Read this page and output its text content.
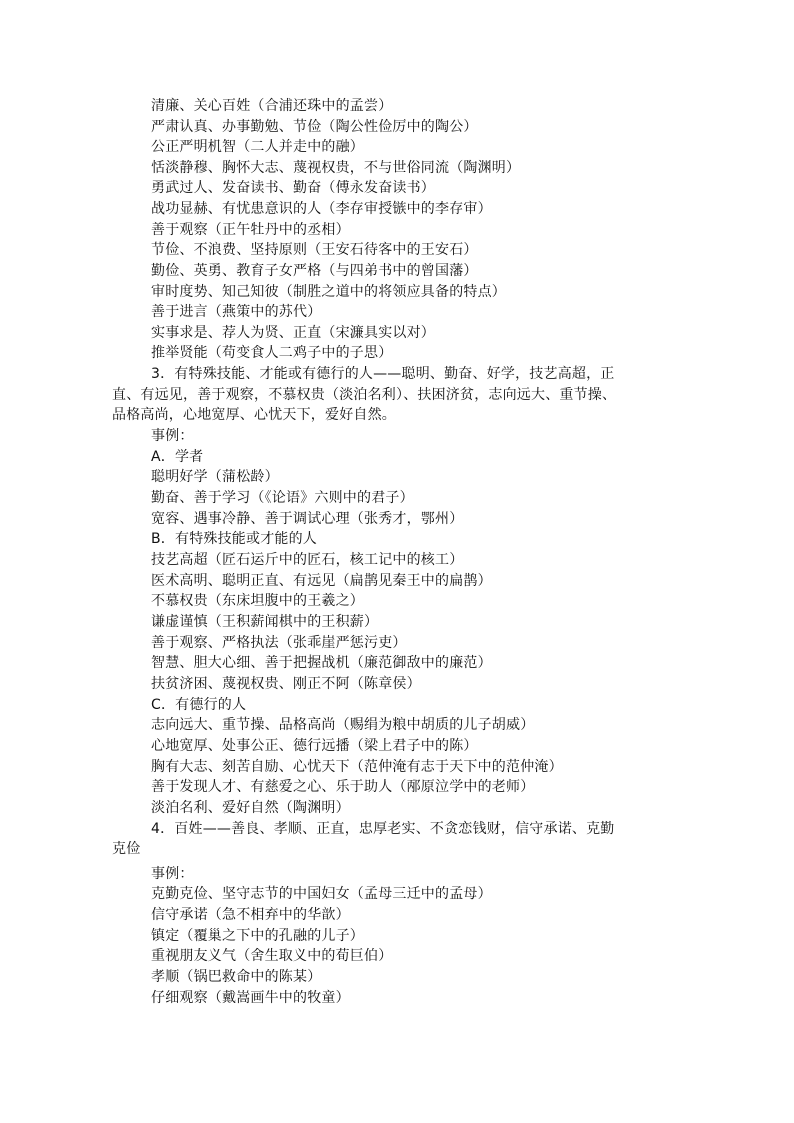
清廉、关心百姓（合浦还珠中的孟尝）
严肃认真、办事勤勉、节俭（陶公性俭厉中的陶公）
公正严明机智（二人并走中的融）
恬淡静穆、胸怀大志、蔑视权贵，不与世俗同流（陶渊明）
勇武过人、发奋读书、勤奋（傅永发奋读书）
战功显赫、有忧患意识的人（李存审授镞中的李存审）
善于观察（正午牡丹中的丞相）
节俭、不浪费、坚持原则（王安石待客中的王安石）
勤俭、英勇、教育子女严格（与四弟书中的曾国藩）
审时度势、知己知彼（制胜之道中的将领应具备的特点）
善于进言（燕策中的苏代）
实事求是、荐人为贤、正直（宋濂具实以对）
推举贤能（苟变食人二鸡子中的子思）
3．有特殊技能、才能或有德行的人——聪明、勤奋、好学，技艺高超，正
直、有远见，善于观察，不慕权贵（淡泊名利）、扶困济贫，志向远大、重节操、
品格高尚，心地宽厚、心忧天下，爱好自然。
事例：
A．学者
聪明好学（蒲松龄）
勤奋、善于学习（《论语》六则中的君子）
宽容、遇事冷静、善于调试心理（张秀才，鄂州）
B．有特殊技能或才能的人
技艺高超（匠石运斤中的匠石，核工记中的核工）
医术高明、聪明正直、有远见（扁鹊见秦王中的扁鹊）
不慕权贵（东床坦腹中的王羲之）
谦虚谨慎（王积薪闻棋中的王积薪）
善于观察、严格执法（张乖崖严惩污吏）
智慧、胆大心细、善于把握战机（廉范御敌中的廉范）
扶贫济困、蔑视权贵、刚正不阿（陈章侯）
C．有德行的人
志向远大、重节操、品格高尚（赐绢为粮中胡质的儿子胡威）
心地宽厚、处事公正、德行远播（梁上君子中的陈）
胸有大志、刻苦自励、心忧天下（范仲淹有志于天下中的范仲淹）
善于发现人才、有慈爱之心、乐于助人（邴原泣学中的老师）
淡泊名利、爱好自然（陶渊明）
4．百姓——善良、孝顺、正直，忠厚老实、不贪恋钱财，信守承诺、克勤
克俭
事例：
克勤克俭、坚守志节的中国妇女（孟母三迁中的孟母）
信守承诺（急不相弃中的华歆）
镇定（覆巢之下中的孔融的儿子）
重视朋友义气（舍生取义中的荀巨伯）
孝顺（锅巴救命中的陈某）
仔细观察（戴嵩画牛中的牧童）
